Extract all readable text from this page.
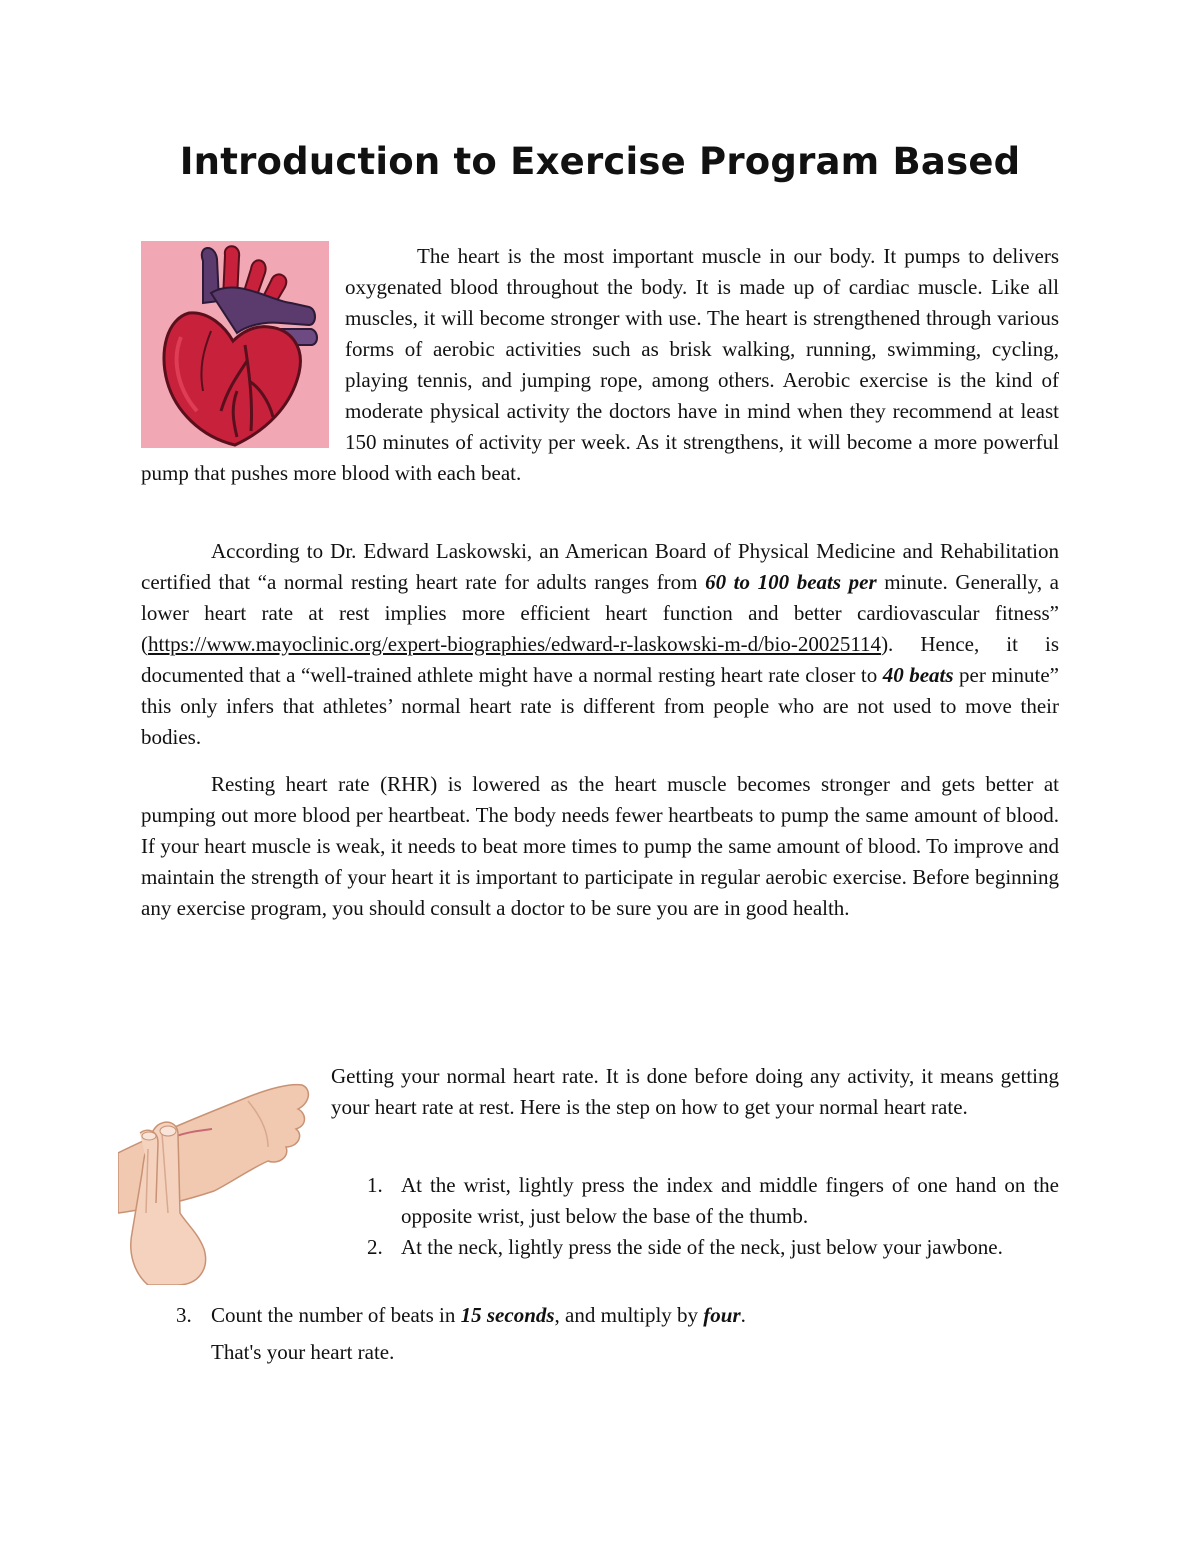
Introduction to Exercise Program Based

The heart is the most important muscle in our body. It pumps to delivers oxygenated blood throughout the body. It is made up of cardiac muscle. Like all muscles, it will become stronger with use. The heart is strengthened through various forms of aerobic activities such as brisk walking, running, swimming, cycling, playing tennis, and jumping rope, among others. Aerobic exercise is the kind of moderate physical activity the doctors have in mind when they recommend at least 150 minutes of activity per week. As it strengthens, it will become a more powerful pump that pushes more blood with each beat.

According to Dr. Edward Laskowski, an American Board of Physical Medicine and Rehabilitation certified that “a normal resting heart rate for adults ranges from 60 to 100 beats per minute. Generally, a lower heart rate at rest implies more efficient heart function and better cardiovascular fitness” (https://www.mayoclinic.org/expert-biographies/edward-r-laskowski-m-d/bio-20025114). Hence, it is documented that a “well-trained athlete might have a normal resting heart rate closer to 40 beats per minute” this only infers that athletes’ normal heart rate is different from people who are not used to move their bodies.

Resting heart rate (RHR) is lowered as the heart muscle becomes stronger and gets better at pumping out more blood per heartbeat. The body needs fewer heartbeats to pump the same amount of blood. If your heart muscle is weak, it needs to beat more times to pump the same amount of blood. To improve and maintain the strength of your heart it is important to participate in regular aerobic exercise. Before beginning any exercise program, you should consult a doctor to be sure you are in good health.

Getting your normal heart rate. It is done before doing any activity, it means getting your heart rate at rest. Here is the step on how to get your normal heart rate.

1. At the wrist, lightly press the index and middle fingers of one hand on the opposite wrist, just below the base of the thumb.
2. At the neck, lightly press the side of the neck, just below your jawbone.
3. Count the number of beats in 15 seconds, and multiply by four.
That's your heart rate.
